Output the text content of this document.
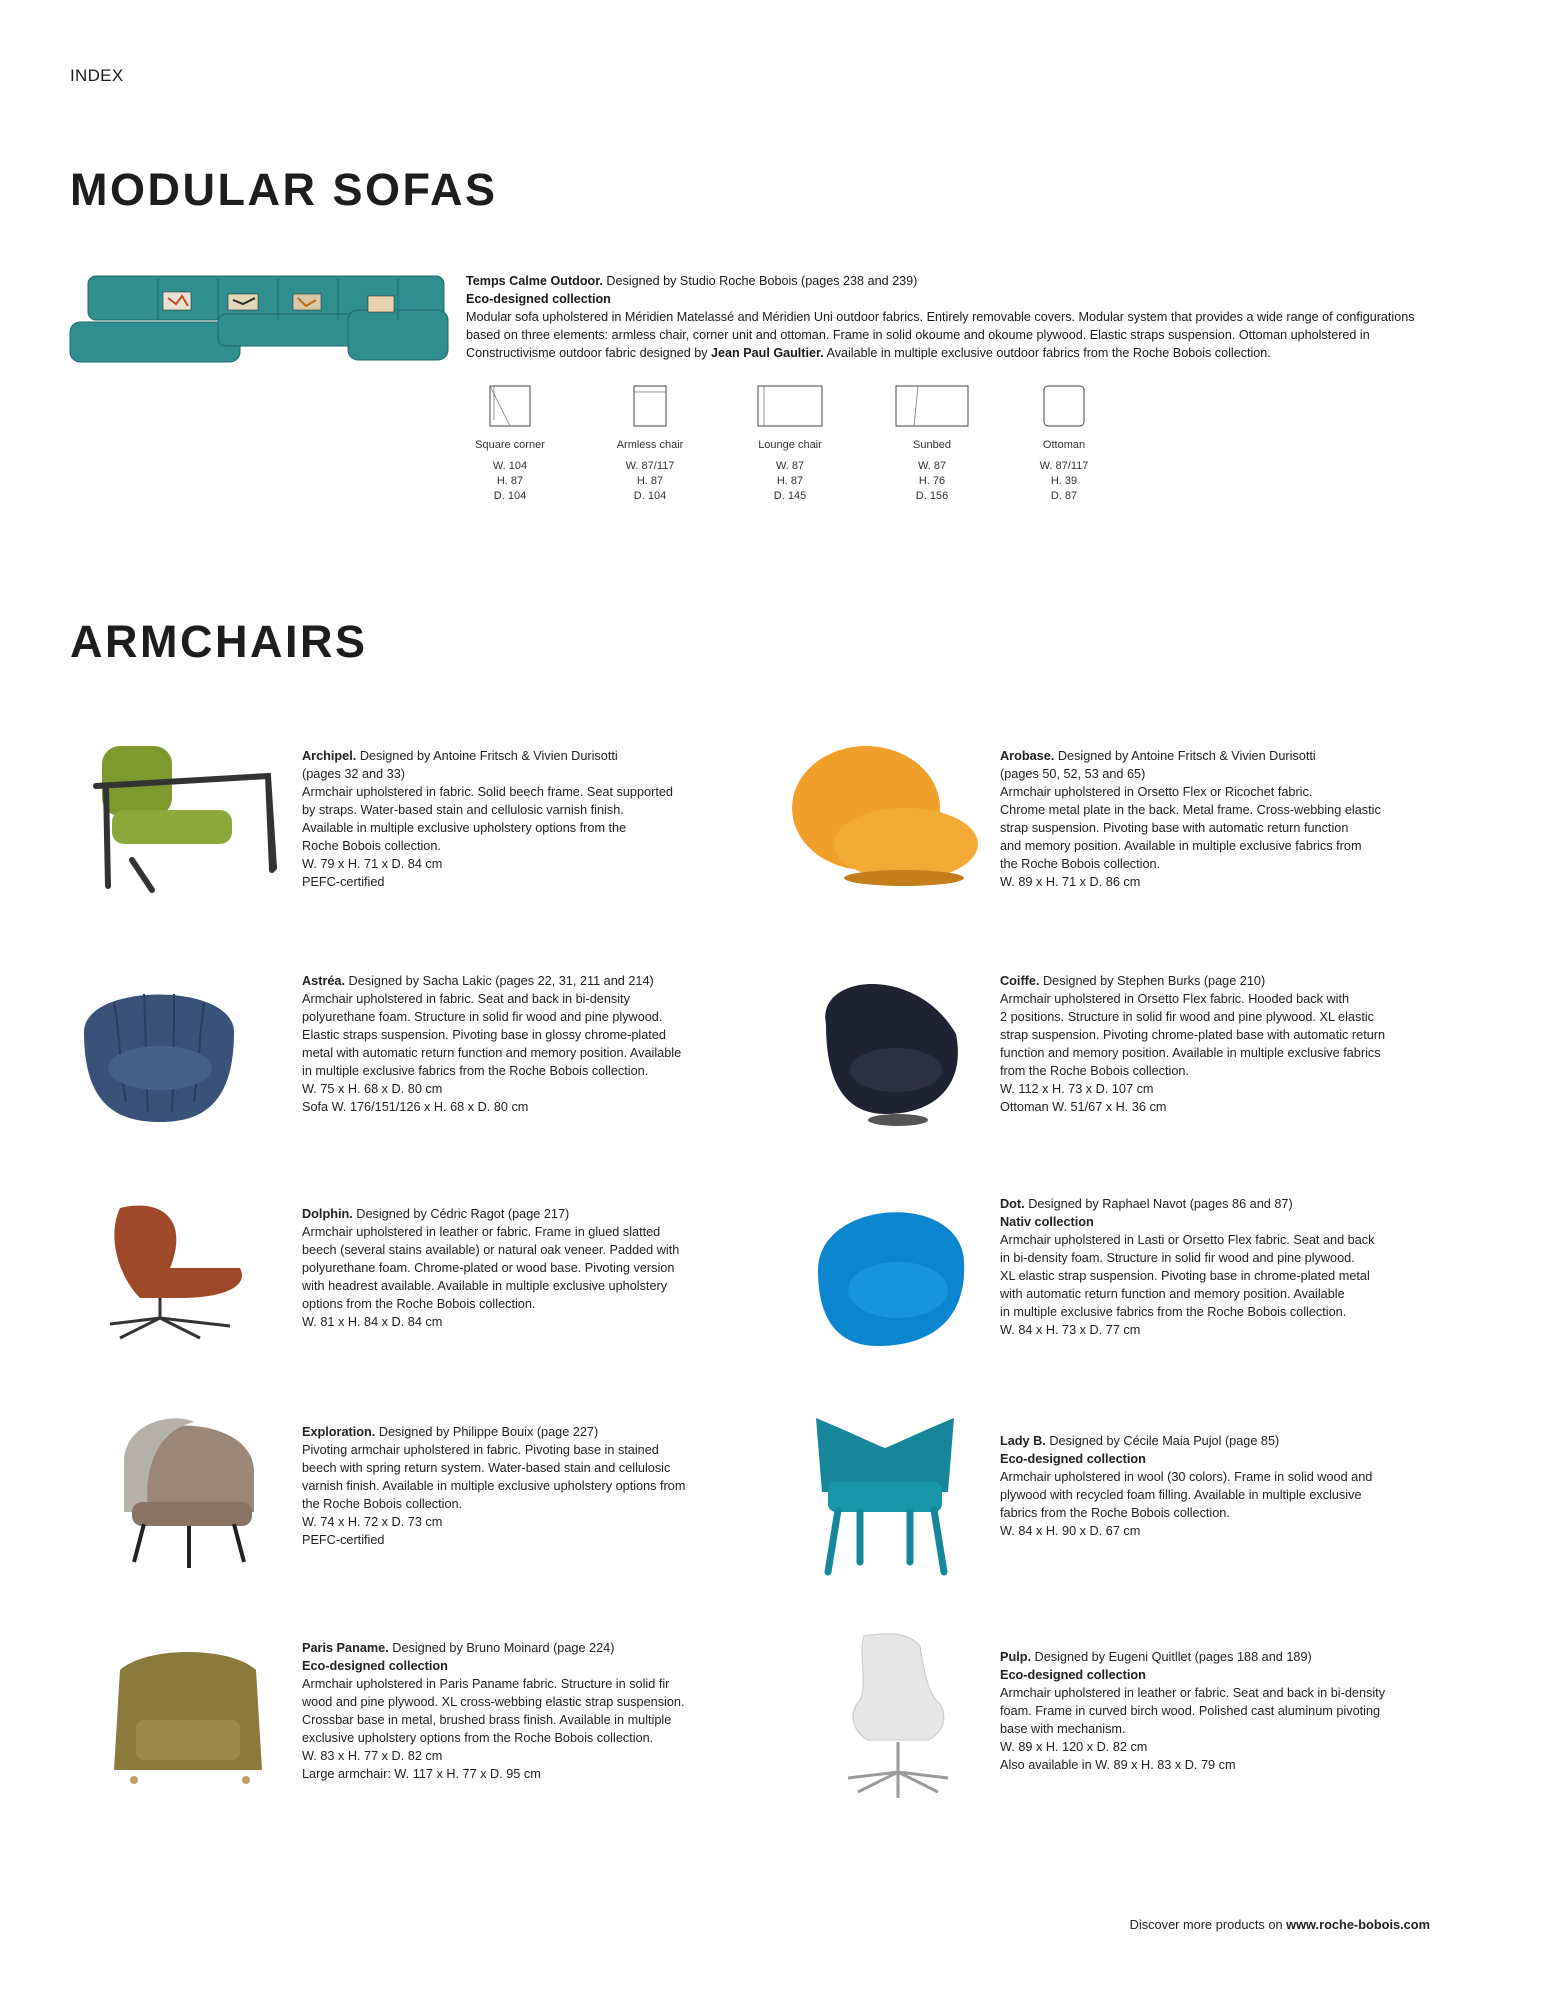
INDEX
MODULAR SOFAS
Temps Calme Outdoor. Designed by Studio Roche Bobois (pages 238 and 239)
Eco-designed collection
Modular sofa upholstered in Méridien Matelassé and Méridien Uni outdoor fabrics. Entirely removable covers. Modular system that provides a wide range of configurations based on three elements: armless chair, corner unit and ottoman. Frame in solid okoume and okoume plywood. Elastic straps suspension. Ottoman upholstered in Constructivisme outdoor fabric designed by Jean Paul Gaultier. Available in multiple exclusive outdoor fabrics from the Roche Bobois collection.
Square corner
W. 104
H. 87
D. 104
Armless chair
W. 87/117
H. 87
D. 104
Lounge chair
W. 87
H. 87
D. 145
Sunbed
W. 87
H. 76
D. 156
Ottoman
W. 87/117
H. 39
D. 87
ARMCHAIRS
Archipel. Designed by Antoine Fritsch & Vivien Durisotti

(pages 32 and 33)

Armchair upholstered in fabric. Solid beech frame. Seat supported

by straps. Water-based stain and cellulosic varnish finish.

Available in multiple exclusive upholstery options from the

Roche Bobois collection.

W. 79 x H. 71 x D. 84 cm

PEFC-certified

Arobase. Designed by Antoine Fritsch & Vivien Durisotti

(pages 50, 52, 53 and 65)

Armchair upholstered in Orsetto Flex or Ricochet fabric.

Chrome metal plate in the back. Metal frame. Cross-webbing elastic

strap suspension. Pivoting base with automatic return function

and memory position. Available in multiple exclusive fabrics from

the Roche Bobois collection.

W. 89 x H. 71 x D. 86 cm

Astréa. Designed by Sacha Lakic (pages 22, 31, 211 and 214)

Armchair upholstered in fabric. Seat and back in bi-density

polyurethane foam. Structure in solid fir wood and pine plywood.

Elastic straps suspension. Pivoting base in glossy chrome-plated

metal with automatic return function and memory position. Available

in multiple exclusive fabrics from the Roche Bobois collection.

W. 75 x H. 68 x D. 80 cm

Sofa W. 176/151/126 x H. 68 x D. 80 cm

Coiffe. Designed by Stephen Burks (page 210)

Armchair upholstered in Orsetto Flex fabric. Hooded back with

2 positions. Structure in solid fir wood and pine plywood. XL elastic

strap suspension. Pivoting chrome-plated base with automatic return

function and memory position. Available in multiple exclusive fabrics

from the Roche Bobois collection.

W. 112 x H. 73 x D. 107 cm

Ottoman W. 51/67 x H. 36 cm

Dolphin. Designed by Cédric Ragot (page 217)

Armchair upholstered in leather or fabric. Frame in glued slatted

beech (several stains available) or natural oak veneer. Padded with

polyurethane foam. Chrome-plated or wood base. Pivoting version

with headrest available. Available in multiple exclusive upholstery

options from the Roche Bobois collection.

W. 81 x H. 84 x D. 84 cm

Dot. Designed by Raphael Navot (pages 86 and 87)
Nativ collection

Armchair upholstered in Lasti or Orsetto Flex fabric. Seat and back

in bi-density foam. Structure in solid fir wood and pine plywood.

XL elastic strap suspension. Pivoting base in chrome-plated metal

with automatic return function and memory position. Available

in multiple exclusive fabrics from the Roche Bobois collection.

W. 84 x H. 73 x D. 77 cm

Exploration. Designed by Philippe Bouix (page 227)

Pivoting armchair upholstered in fabric. Pivoting base in stained

beech with spring return system. Water-based stain and cellulosic

varnish finish. Available in multiple exclusive upholstery options from

the Roche Bobois collection.

W. 74 x H. 72 x D. 73 cm

PEFC-certified

Lady B. Designed by Cécile Maia Pujol (page 85)
Eco-designed collection

Armchair upholstered in wool (30 colors). Frame in solid wood and

plywood with recycled foam filling. Available in multiple exclusive

fabrics from the Roche Bobois collection.

W. 84 x H. 90 x D. 67 cm

Paris Paname. Designed by Bruno Moinard (page 224)
Eco-designed collection

Armchair upholstered in Paris Paname fabric. Structure in solid fir

wood and pine plywood. XL cross-webbing elastic strap suspension.

Crossbar base in metal, brushed brass finish. Available in multiple

exclusive upholstery options from the Roche Bobois collection.

W. 83 x H. 77 x D. 82 cm

Large armchair: W. 117 x H. 77 x D. 95 cm

Pulp. Designed by Eugeni Quitllet (pages 188 and 189)
Eco-designed collection

Armchair upholstered in leather or fabric. Seat and back in bi-density

foam. Frame in curved birch wood. Polished cast aluminum pivoting

base with mechanism.

W. 89 x H. 120 x D. 82 cm

Also available in W. 89 x H. 83 x D. 79 cm

Discover more products on www.roche-bobois.com
